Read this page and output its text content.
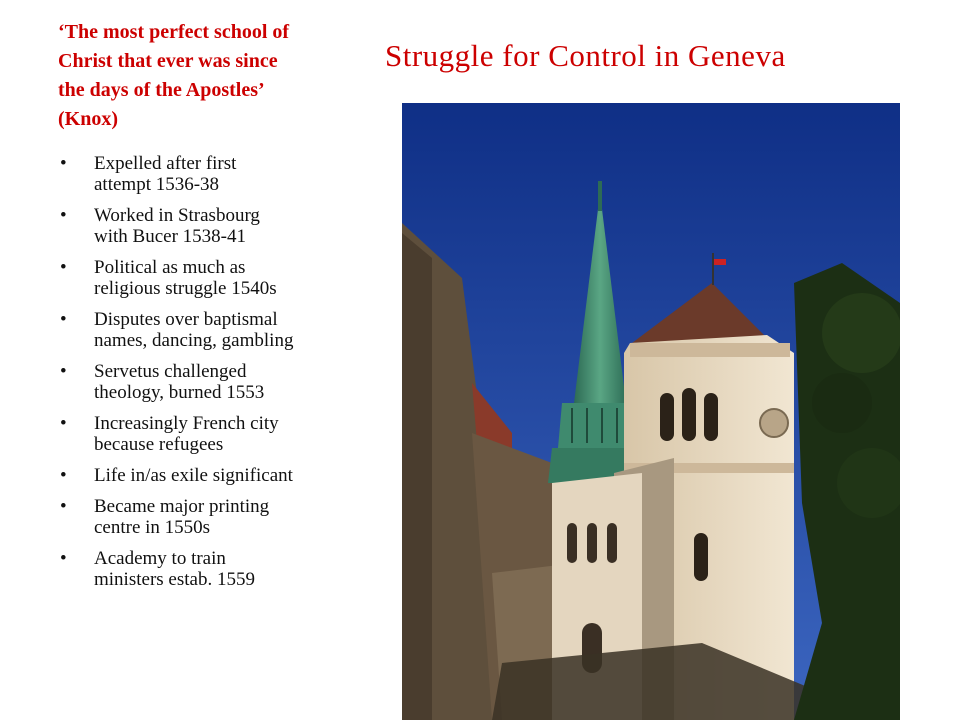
‘The most perfect school of
Christ that ever was since
the days of the Apostles’
(Knox)
Struggle for Control in Geneva
• Expelled after first
attempt 1536-38
• Worked in Strasbourg
with Bucer 1538-41
• Political as much as
religious struggle 1540s
• Disputes over baptismal
names, dancing, gambling
• Servetus challenged
theology, burned 1553
• Increasingly French city
because refugees
• Life in/as exile significant
• Became major printing
centre in 1550s
• Academy to train
ministers estab. 1559
